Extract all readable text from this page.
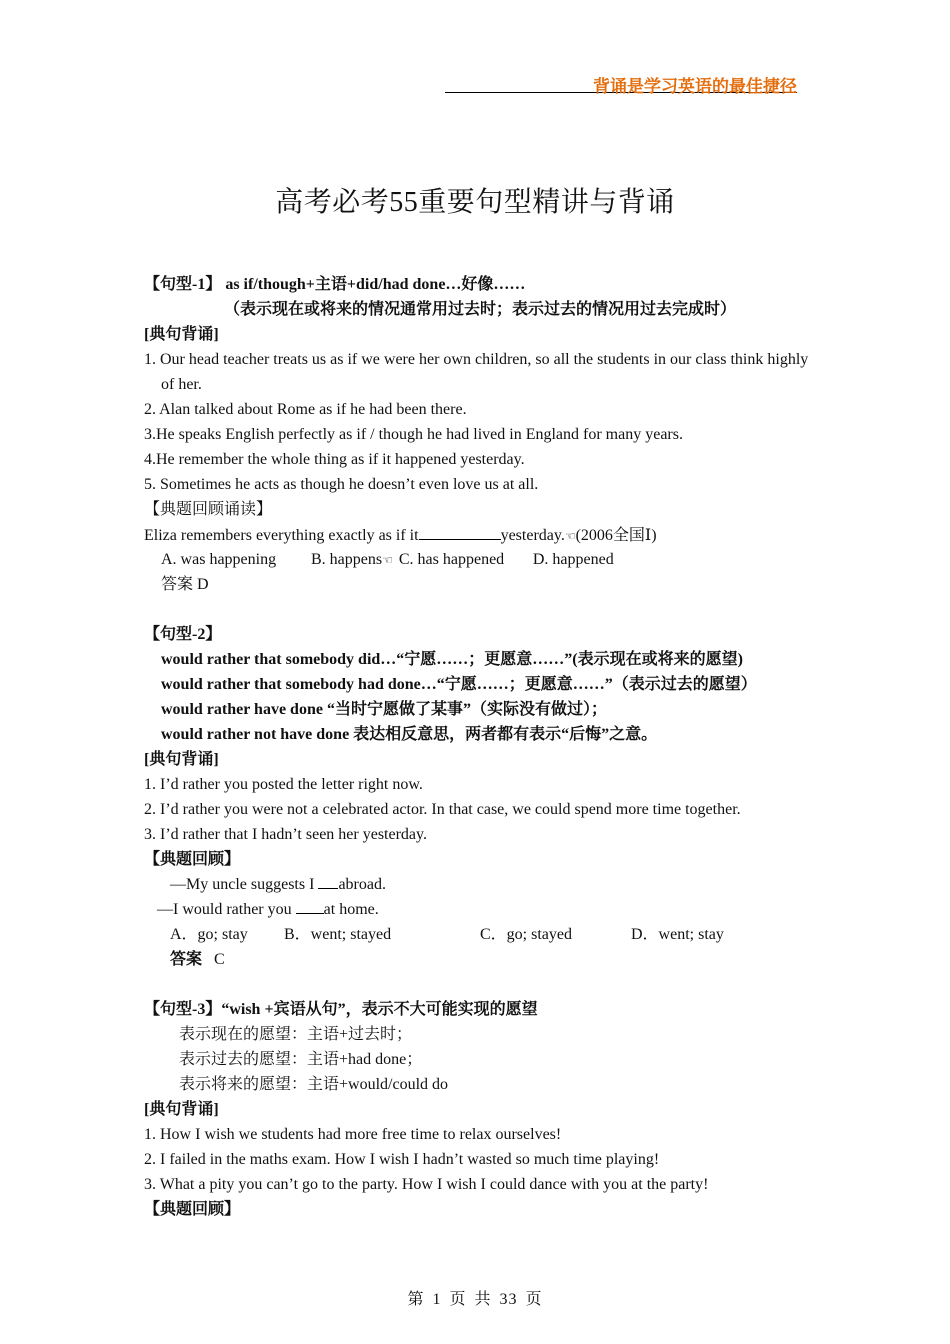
背诵是学习英语的最佳捷径
高考必考55重要句型精讲与背诵
【句型-1】 as if/though+主语+did/had done…好像……
（表示现在或将来的情况通常用过去时；表示过去的情况用过去完成时）
[典句背诵]
1. Our head teacher treats us as if we were her own children, so all the students in our class think highly of her.
2. Alan talked about Rome as if he had been there.
3.He speaks English perfectly as if / though he had lived in England for many years.
4.He remember the whole thing as if it happened yesterday.
5. Sometimes he acts as though he doesn’t even love us at all.
【典题回顾诵读】
Eliza remembers everything exactly as if it	yesterday.☜(2006全国Ⅰ)
A. was happening B. happens☜ C. has happened D. happened
答案 D
【句型-2】
would rather that somebody did…“宁愿……；更愿意……”(表示现在或将来的愿望)
would rather that somebody had done…“宁愿……；更愿意……”（表示过去的愿望）
would rather have done “当时宁愿做了某事”（实际没有做过）；
would rather not have done 表达相反意思，两者都有表示“后悔”之意。
[典句背诵]
1. I’d rather you posted the letter right now.
2. I’d rather you were not a celebrated actor. In that case, we could spend more time together.
3. I’d rather that I hadn’t seen her yesterday.
【典题回顾】
—My uncle suggests I abroad.
—I would rather you at home.
A．go; stay B．went; stayed	C．go; stayed	D．went; stay
答案 C
【句型-3】“wish +宾语从句”，表示不大可能实现的愿望
表示现在的愿望：主语+过去时；
表示过去的愿望：主语+had done；
表示将来的愿望：主语+would/could do
[典句背诵]
1. How I wish we students had more free time to relax ourselves!
2. I failed in the maths exam. How I wish I hadn’t wasted so much time playing!
3. What a pity you can’t go to the party. How I wish I could dance with you at the party!
【典题回顾】
第 1 页 共 33 页
